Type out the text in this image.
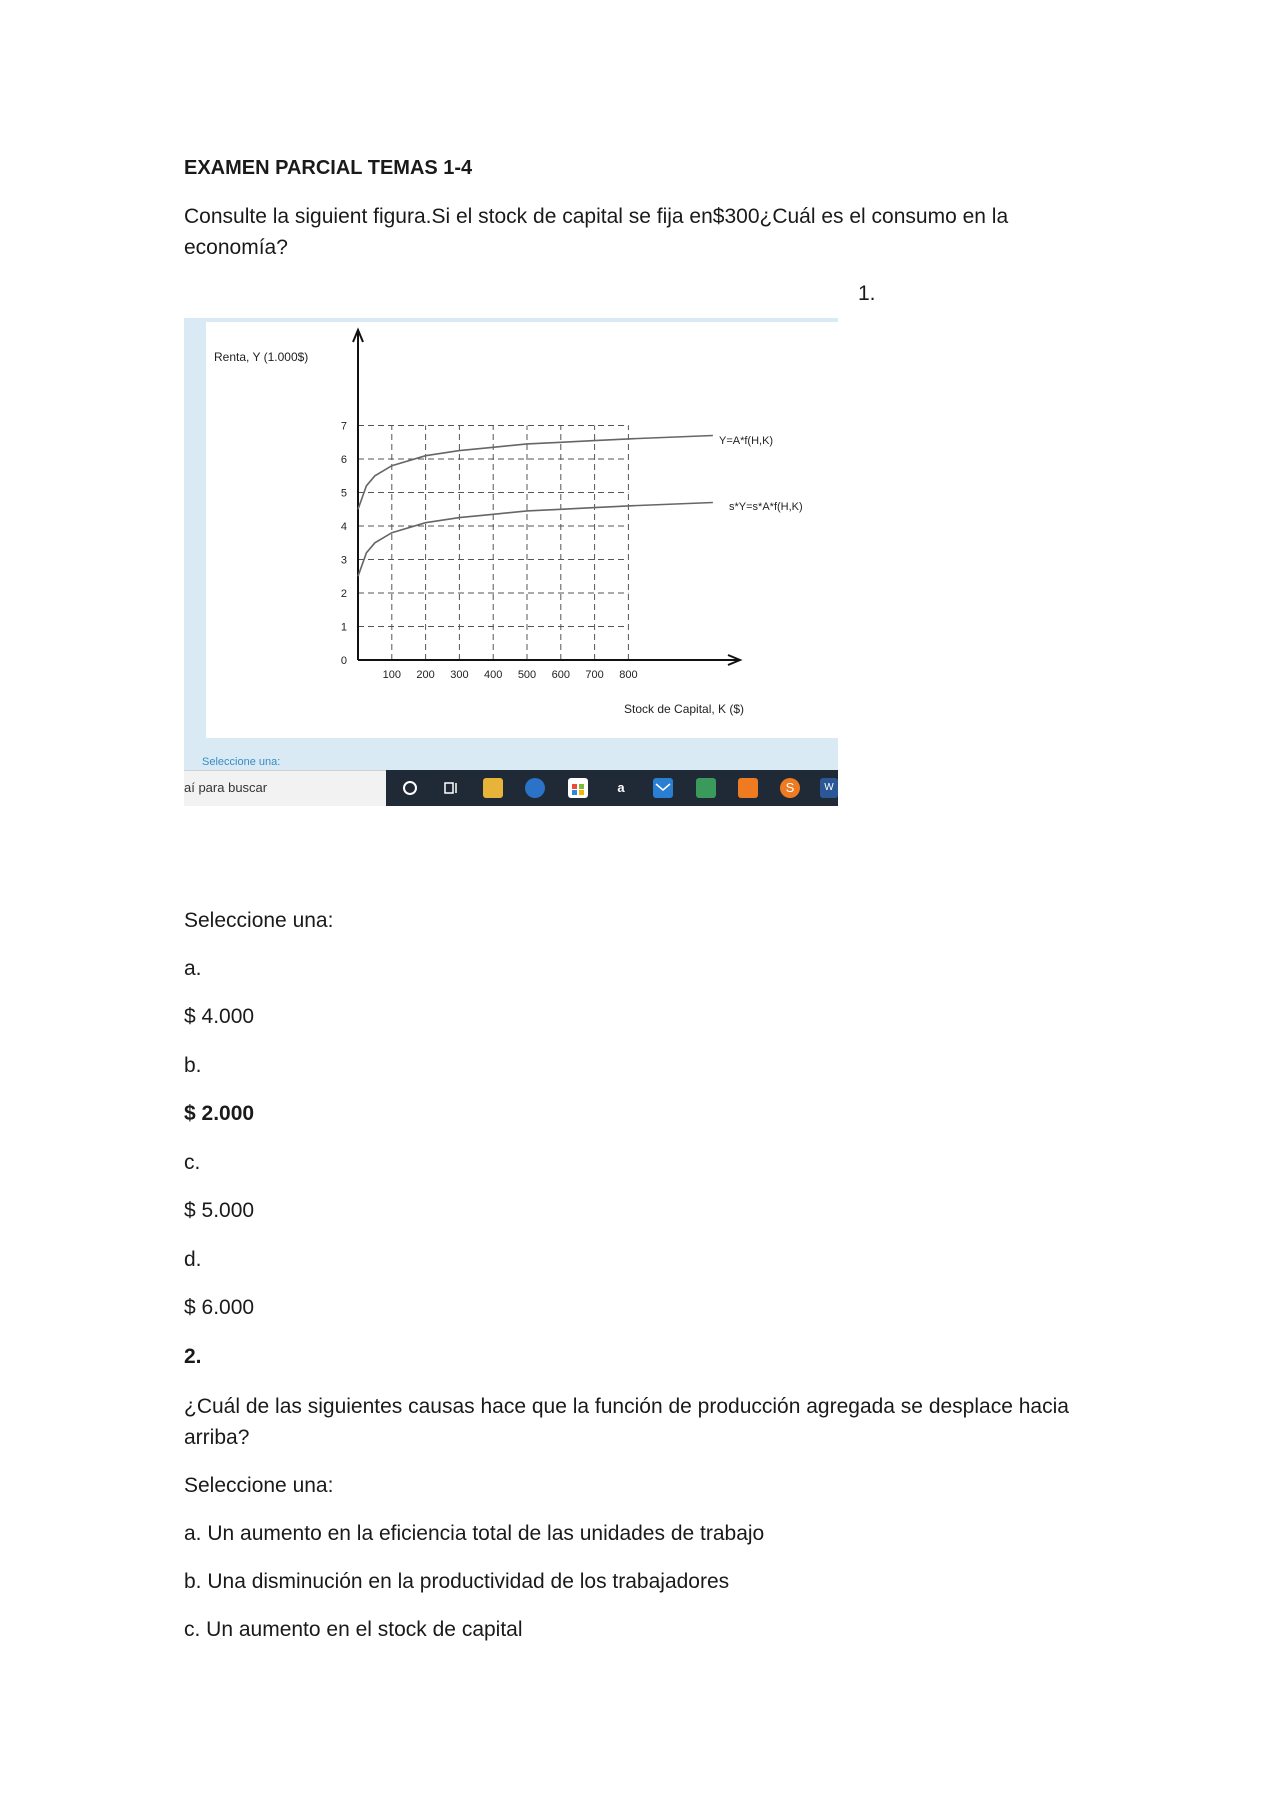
EXAMEN PARCIAL TEMAS 1-4

Consulte la siguient figura.Si el stock de capital se fija en$300¿Cuál es el consumo en la economía?

1.
0
1
2
3
4
5
6
7
100 200 300 400 500 600 700 800
Renta, Y (1.000$)
Stock de Capital, K ($)
Y=A*f(H,K)
s*Y=s*A*f(H,K)
Seleccione una:
aí para buscar	a	S	W

Seleccione una:

a.

$ 4.000

b.

$ 2.000

c.

$ 5.000

d.

$ 6.000

2.

¿Cuál de las siguientes causas hace que la función de producción agregada se desplace hacia arriba?

Seleccione una:

a. Un aumento en la eficiencia total de las unidades de trabajo

b. Una disminución en la productividad de los trabajadores

c. Un aumento en el stock de capital
